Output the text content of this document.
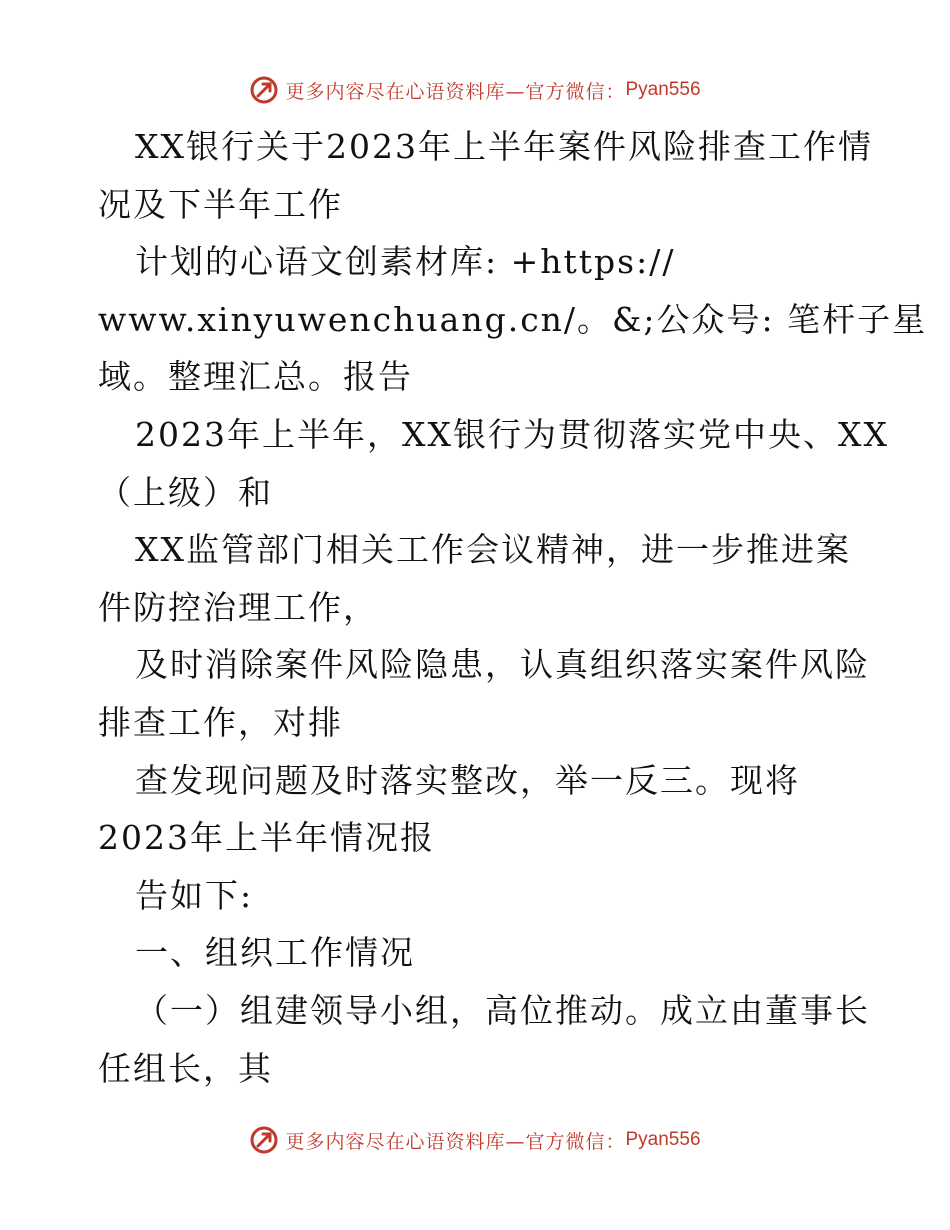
更多内容尽在心语资料库—官方微信： Pyan556
XX银行关于2023年上半年案件风险排查工作情
况及下半年工作
计划的心语文创素材库: +https://
www.xinyuwenchuang.cn/。&;公众号: 笔杆子星
域。整理汇总。报告
2023年上半年，XX银行为贯彻落实党中央、XX
（上级）和
XX监管部门相关工作会议精神，进一步推进案
件防控治理工作，
及时消除案件风险隐患，认真组织落实案件风险
排查工作，对排
查发现问题及时落实整改，举一反三。现将
2023年上半年情况报
告如下:
一、组织工作情况
（一）组建领导小组，高位推动。成立由董事长
任组长，其
更多内容尽在心语资料库—官方微信： Pyan556
